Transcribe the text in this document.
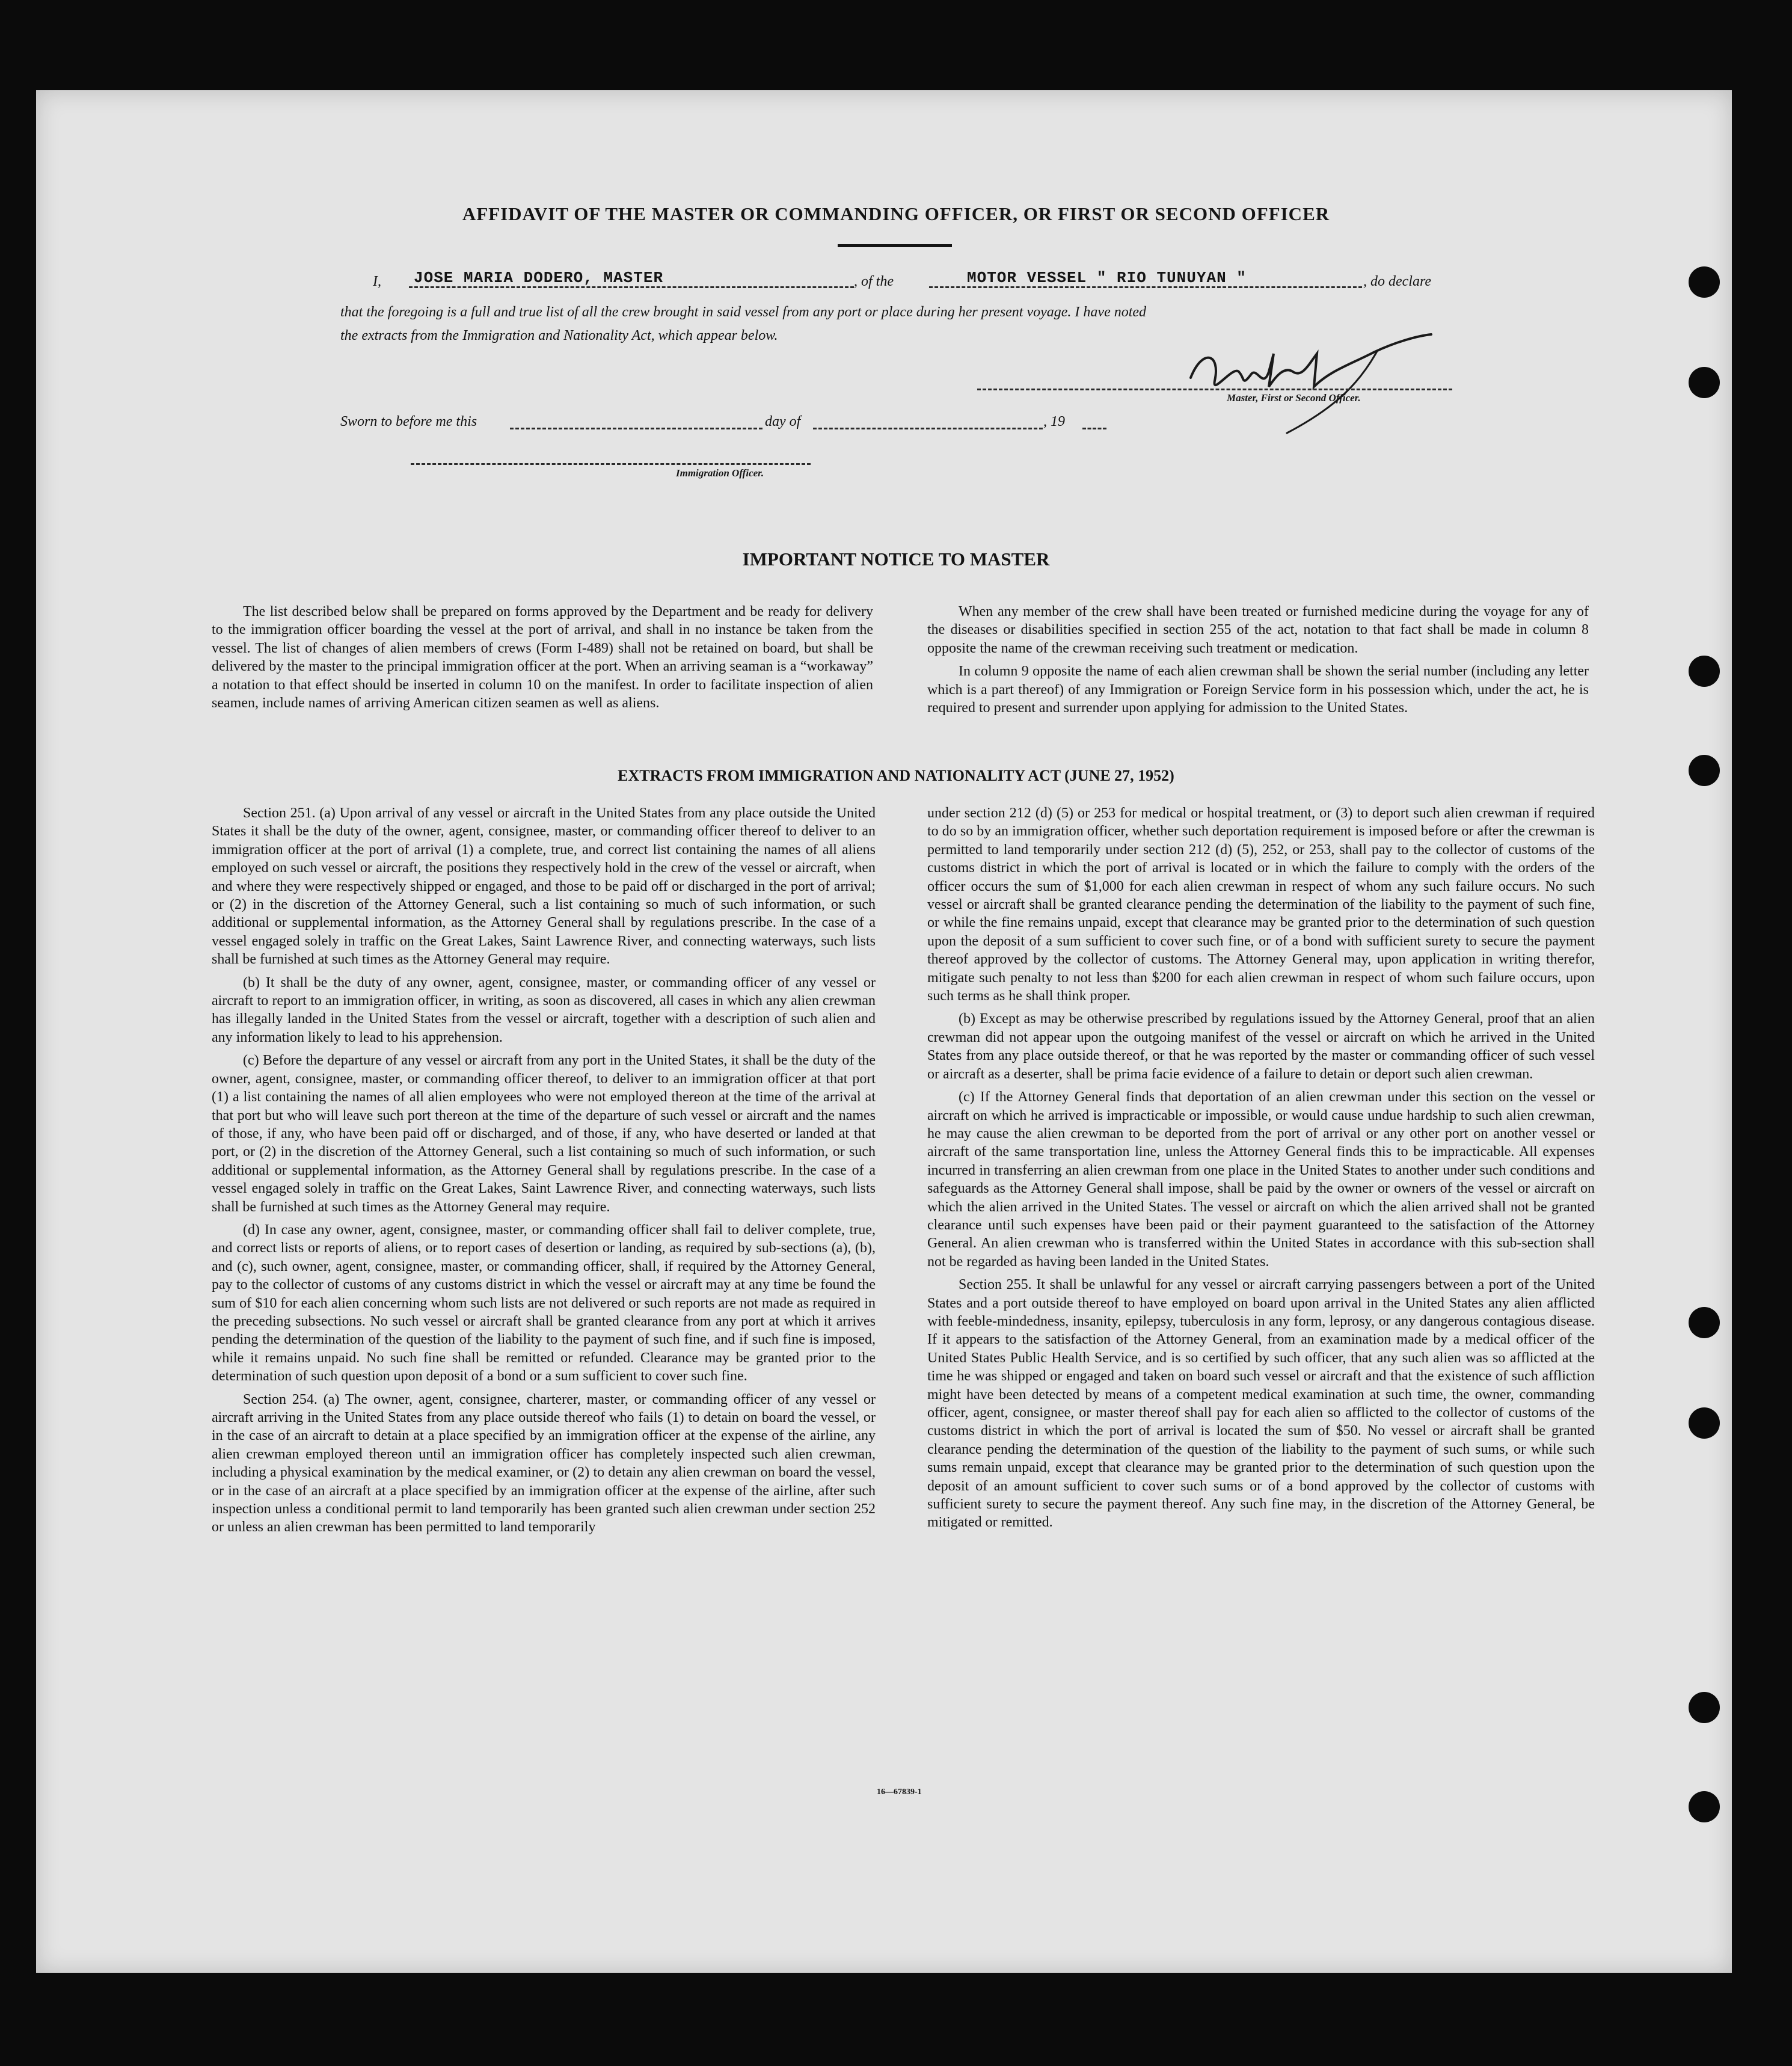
AFFIDAVIT OF THE MASTER OR COMMANDING OFFICER, OR FIRST OR SECOND OFFICER
I, JOSE MARIA DODERO, MASTER	, of the	MOTOR VESSEL " RIO TUNUYAN "	, do declare
that the foregoing is a full and true list of all the crew brought in said vessel from any port or place during her present voyage. I have noted
the extracts from the Immigration and Nationality Act, which appear below.
Master, First or Second Officer.
Sworn to before me this	day of	, 19
Immigration Officer.
IMPORTANT NOTICE TO MASTER

The list described below shall be prepared on forms approved by the Department and be ready for delivery to the immigration officer boarding the vessel at the port of arrival, and shall in no instance be taken from the vessel. The list of changes of alien members of crews (Form I-489) shall not be retained on board, but shall be delivered by the master to the principal immigration officer at the port. When an arriving seaman is a “workaway” a notation to that effect should be inserted in column 10 on the manifest. In order to facilitate inspection of alien seamen, include names of arriving American citizen seamen as well as aliens.

When any member of the crew shall have been treated or furnished medicine during the voyage for any of the diseases or disabilities specified in section 255 of the act, notation to that fact shall be made in column 8 opposite the name of the crewman receiving such treatment or medication.

In column 9 opposite the name of each alien crewman shall be shown the serial number (including any letter which is a part thereof) of any Immigration or Foreign Service form in his possession which, under the act, he is required to present and surrender upon applying for admission to the United States.

EXTRACTS FROM IMMIGRATION AND NATIONALITY ACT (JUNE 27, 1952)

Section 251. (a) Upon arrival of any vessel or aircraft in the United States from any place outside the United States it shall be the duty of the owner, agent, consignee, master, or commanding officer thereof to deliver to an immigration officer at the port of arrival (1) a complete, true, and correct list containing the names of all aliens employed on such vessel or aircraft, the positions they respectively hold in the crew of the vessel or aircraft, when and where they were respectively shipped or engaged, and those to be paid off or discharged in the port of arrival; or (2) in the discretion of the Attorney General, such a list containing so much of such information, or such additional or supplemental information, as the Attorney General shall by regulations prescribe. In the case of a vessel engaged solely in traffic on the Great Lakes, Saint Lawrence River, and connecting waterways, such lists shall be furnished at such times as the Attorney General may require.

(b) It shall be the duty of any owner, agent, consignee, master, or commanding officer of any vessel or aircraft to report to an immigration officer, in writing, as soon as discovered, all cases in which any alien crewman has illegally landed in the United States from the vessel or aircraft, together with a description of such alien and any information likely to lead to his apprehension.

(c) Before the departure of any vessel or aircraft from any port in the United States, it shall be the duty of the owner, agent, consignee, master, or commanding officer thereof, to deliver to an immigration officer at that port (1) a list containing the names of all alien employees who were not employed thereon at the time of the arrival at that port but who will leave such port thereon at the time of the departure of such vessel or aircraft and the names of those, if any, who have been paid off or discharged, and of those, if any, who have deserted or landed at that port, or (2) in the discretion of the Attorney General, such a list containing so much of such information, or such additional or supplemental information, as the Attorney General shall by regulations prescribe. In the case of a vessel engaged solely in traffic on the Great Lakes, Saint Lawrence River, and connecting waterways, such lists shall be furnished at such times as the Attorney General may require.

(d) In case any owner, agent, consignee, master, or commanding officer shall fail to deliver complete, true, and correct lists or reports of aliens, or to report cases of desertion or landing, as required by sub-sections (a), (b), and (c), such owner, agent, consignee, master, or commanding officer, shall, if required by the Attorney General, pay to the collector of customs of any customs district in which the vessel or aircraft may at any time be found the sum of $10 for each alien concerning whom such lists are not delivered or such reports are not made as required in the preceding subsections. No such vessel or aircraft shall be granted clearance from any port at which it arrives pending the determination of the question of the liability to the payment of such fine, and if such fine is imposed, while it remains unpaid. No such fine shall be remitted or refunded. Clearance may be granted prior to the determination of such question upon deposit of a bond or a sum sufficient to cover such fine.

Section 254. (a) The owner, agent, consignee, charterer, master, or commanding officer of any vessel or aircraft arriving in the United States from any place outside thereof who fails (1) to detain on board the vessel, or in the case of an aircraft to detain at a place specified by an immigration officer at the expense of the airline, any alien crewman employed thereon until an immigration officer has completely inspected such alien crewman, including a physical examination by the medical examiner, or (2) to detain any alien crewman on board the vessel, or in the case of an aircraft at a place specified by an immigration officer at the expense of the airline, after such inspection unless a conditional permit to land temporarily has been granted such alien crewman under section 252 or unless an alien crewman has been permitted to land temporarily

under section 212 (d) (5) or 253 for medical or hospital treatment, or (3) to deport such alien crewman if required to do so by an immigration officer, whether such deportation requirement is imposed before or after the crewman is permitted to land temporarily under section 212 (d) (5), 252, or 253, shall pay to the collector of customs of the customs district in which the port of arrival is located or in which the failure to comply with the orders of the officer occurs the sum of $1,000 for each alien crewman in respect of whom any such failure occurs. No such vessel or aircraft shall be granted clearance pending the determination of the liability to the payment of such fine, or while the fine remains unpaid, except that clearance may be granted prior to the determination of such question upon the deposit of a sum sufficient to cover such fine, or of a bond with sufficient surety to secure the payment thereof approved by the collector of customs. The Attorney General may, upon application in writing therefor, mitigate such penalty to not less than $200 for each alien crewman in respect of whom such failure occurs, upon such terms as he shall think proper.

(b) Except as may be otherwise prescribed by regulations issued by the Attorney General, proof that an alien crewman did not appear upon the outgoing manifest of the vessel or aircraft on which he arrived in the United States from any place outside thereof, or that he was reported by the master or commanding officer of such vessel or aircraft as a deserter, shall be prima facie evidence of a failure to detain or deport such alien crewman.

(c) If the Attorney General finds that deportation of an alien crewman under this section on the vessel or aircraft on which he arrived is impracticable or impossible, or would cause undue hardship to such alien crewman, he may cause the alien crewman to be deported from the port of arrival or any other port on another vessel or aircraft of the same transportation line, unless the Attorney General finds this to be impracticable. All expenses incurred in transferring an alien crewman from one place in the United States to another under such conditions and safeguards as the Attorney General shall impose, shall be paid by the owner or owners of the vessel or aircraft on which the alien arrived in the United States. The vessel or aircraft on which the alien arrived shall not be granted clearance until such expenses have been paid or their payment guaranteed to the satisfaction of the Attorney General. An alien crewman who is transferred within the United States in accordance with this sub-section shall not be regarded as having been landed in the United States.

Section 255. It shall be unlawful for any vessel or aircraft carrying passengers between a port of the United States and a port outside thereof to have employed on board upon arrival in the United States any alien afflicted with feeble-mindedness, insanity, epilepsy, tuberculosis in any form, leprosy, or any dangerous contagious disease. If it appears to the satisfaction of the Attorney General, from an examination made by a medical officer of the United States Public Health Service, and is so certified by such officer, that any such alien was so afflicted at the time he was shipped or engaged and taken on board such vessel or aircraft and that the existence of such affliction might have been detected by means of a competent medical examination at such time, the owner, commanding officer, agent, consignee, or master thereof shall pay for each alien so afflicted to the collector of customs of the customs district in which the port of arrival is located the sum of $50. No vessel or aircraft shall be granted clearance pending the determination of the question of the liability to the payment of such sums, or while such sums remain unpaid, except that clearance may be granted prior to the determination of such question upon the deposit of an amount sufficient to cover such sums or of a bond approved by the collector of customs with sufficient surety to secure the payment thereof. Any such fine may, in the discretion of the Attorney General, be mitigated or remitted.

16—67839-1
